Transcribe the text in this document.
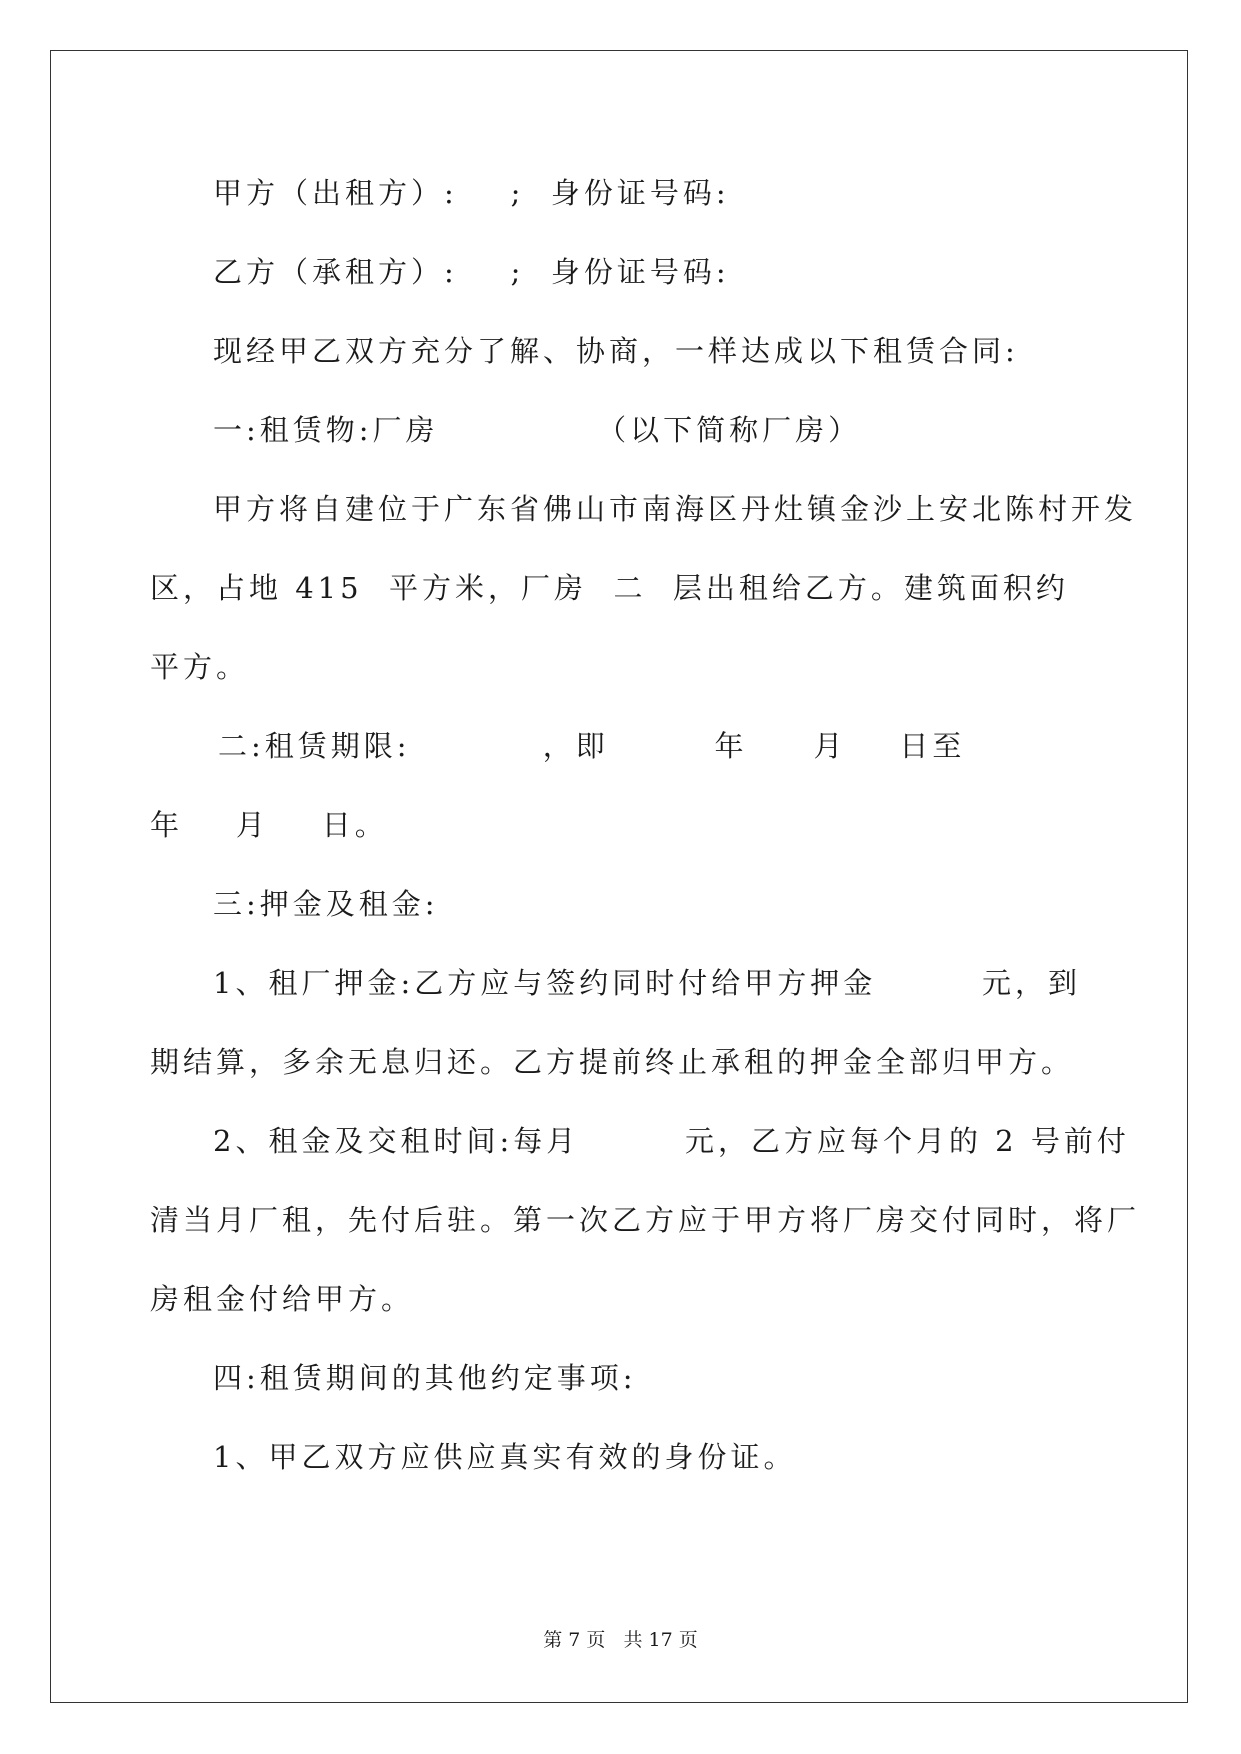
甲方（出租方）:    ;  身份证号码:
乙方（承租方）:    ;  身份证号码:
现经甲乙双方充分了解、协商，一样达成以下租赁合同:
一:租赁物:厂房            （以下简称厂房）
甲方将自建位于广东省佛山市南海区丹灶镇金沙上安北陈村开发
区，占地 415  平方米，厂房  二  层出租给乙方。建筑面积约
平方。
二:租赁期限:          ，即        年     月    日至
年    月    日。
三:押金及租金:
1、租厂押金:乙方应与签约同时付给甲方押金        元，到
期结算，多余无息归还。乙方提前终止承租的押金全部归甲方。
2、租金及交租时间:每月        元，乙方应每个月的 2 号前付
清当月厂租，先付后驻。第一次乙方应于甲方将厂房交付同时，将厂
房租金付给甲方。
四:租赁期间的其他约定事项:
1、甲乙双方应供应真实有效的身份证。
第 7 页   共 17 页
